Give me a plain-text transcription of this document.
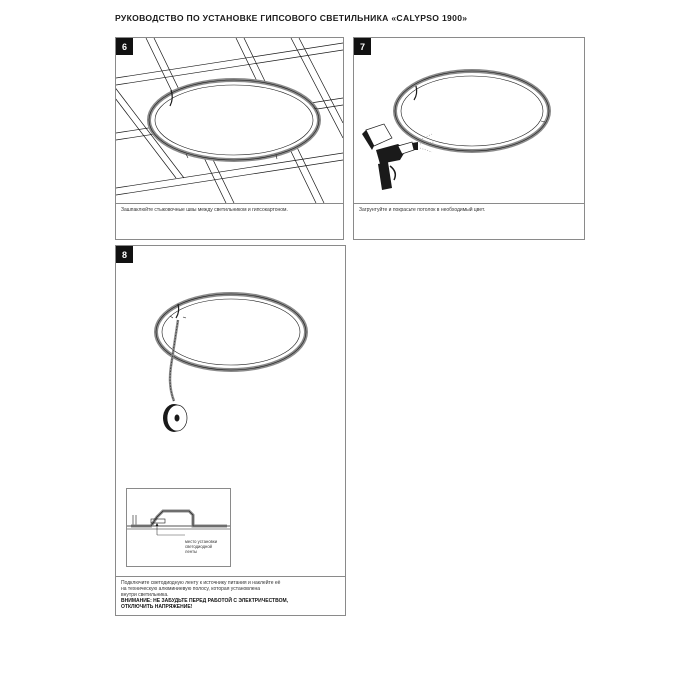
РУКОВОДСТВО ПО УСТАНОВКЕ ГИПСОВОГО СВЕТИЛЬНИКА «CALYPSO 1900»
6
Зашпаклюйте стыковочные швы между светильником и гипсокартоном.
7
Загрунтуйте и покрасьте потолок в необходимый цвет.
8
место установки
светодиодной
ленты
Подключите светодиодную ленту к источнику питания и наклейте её
на техническую алюминиевую полосу, которая установлена
внутри светильника.
ВНИМАНИЕ: НЕ ЗАБУДЬТЕ ПЕРЕД РАБОТОЙ С ЭЛЕКТРИЧЕСТВОМ,
ОТКЛЮЧИТЬ НАПРЯЖЕНИЕ!
